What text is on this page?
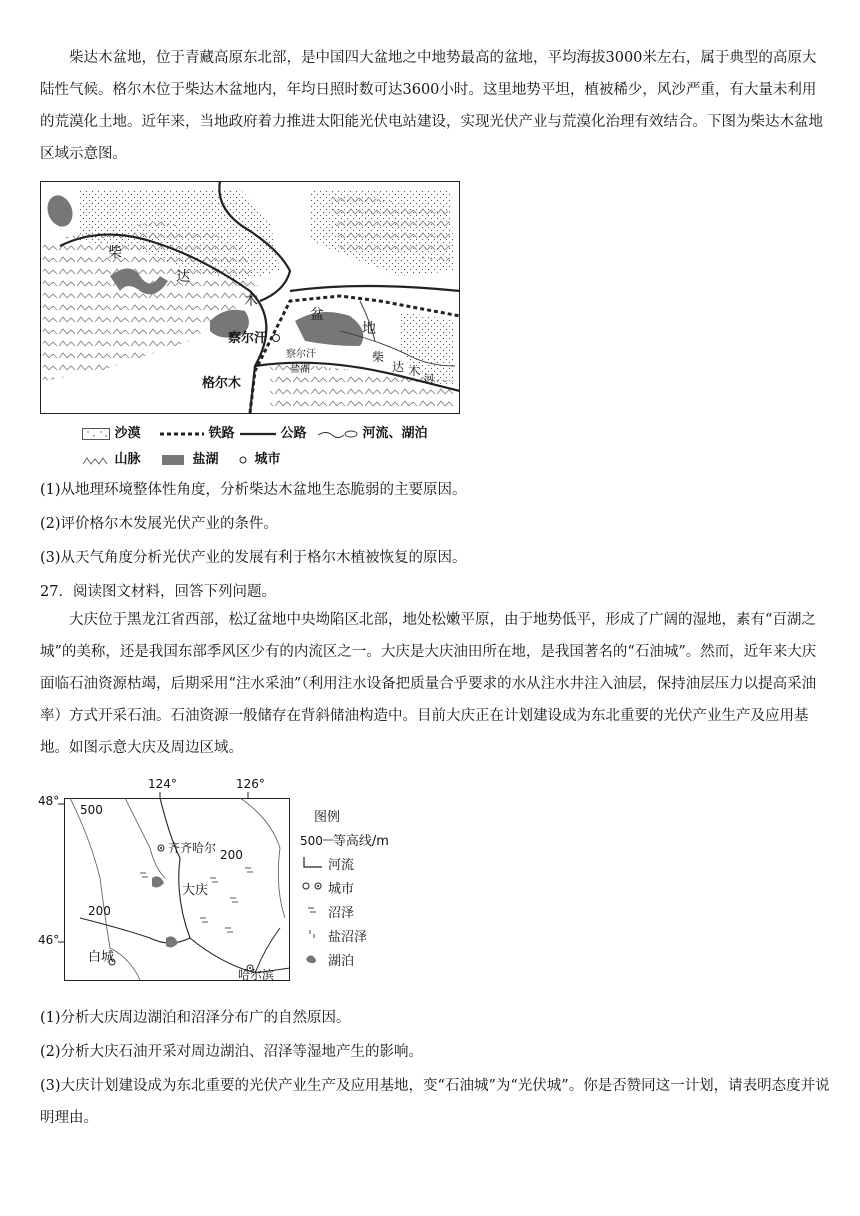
柴达木盆地，位于青藏高原东北部，是中国四大盆地之中地势最高的盆地，平均海拔3000米左右，属于典型的高原大陆性气候。格尔木位于柴达木盆地内，年均日照时数可达3600小时。这里地势平坦，植被稀少，风沙严重，有大量未利用的荒漠化土地。近年来，当地政府着力推进太阳能光伏电站建设，实现光伏产业与荒漠化治理有效结合。下图为柴达木盆地区域示意图。

柴
达
木
盆
地
察尔汗
察尔汗
盐湖
格尔木
柴
达 木
河
沙漠	铁路	公路	河流、湖泊
山脉	盐湖	城市
(1)从地理环境整体性角度，分析柴达木盆地生态脆弱的主要原因。
(2)评价格尔木发展光伏产业的条件。
(3)从天气角度分析光伏产业的发展有利于格尔木植被恢复的原因。
27．阅读图文材料，回答下列问题。

大庆位于黑龙江省西部，松辽盆地中央坳陷区北部，地处松嫩平原，由于地势低平，形成了广阔的湿地，素有“百湖之城”的美称，还是我国东部季风区少有的内流区之一。大庆是大庆油田所在地，是我国著名的“石油城”。然而，近年来大庆面临石油资源枯竭，后期采用“注水采油”（利用注水设备把质量合乎要求的水从注水井注入油层，保持油层压力以提高采油率）方式开采石油。石油资源一般储存在背斜储油构造中。目前大庆正在计划建设成为东北重要的光伏产业生产及应用基地。如图示意大庆及周边区域。

124°	126°
48°
46°
500
200
200
齐齐哈尔
大庆
白城
哈尔滨
图例
500 等高线/m
河流
城市
沼泽
盐沼泽
湖泊
(1)分析大庆周边湖泊和沼泽分布广的自然原因。
(2)分析大庆石油开采对周边湖泊、沼泽等湿地产生的影响。

(3)大庆计划建设成为东北重要的光伏产业生产及应用基地，变“石油城”为“光伏城”。你是否赞同这一计划，请表明态度并说明理由。
